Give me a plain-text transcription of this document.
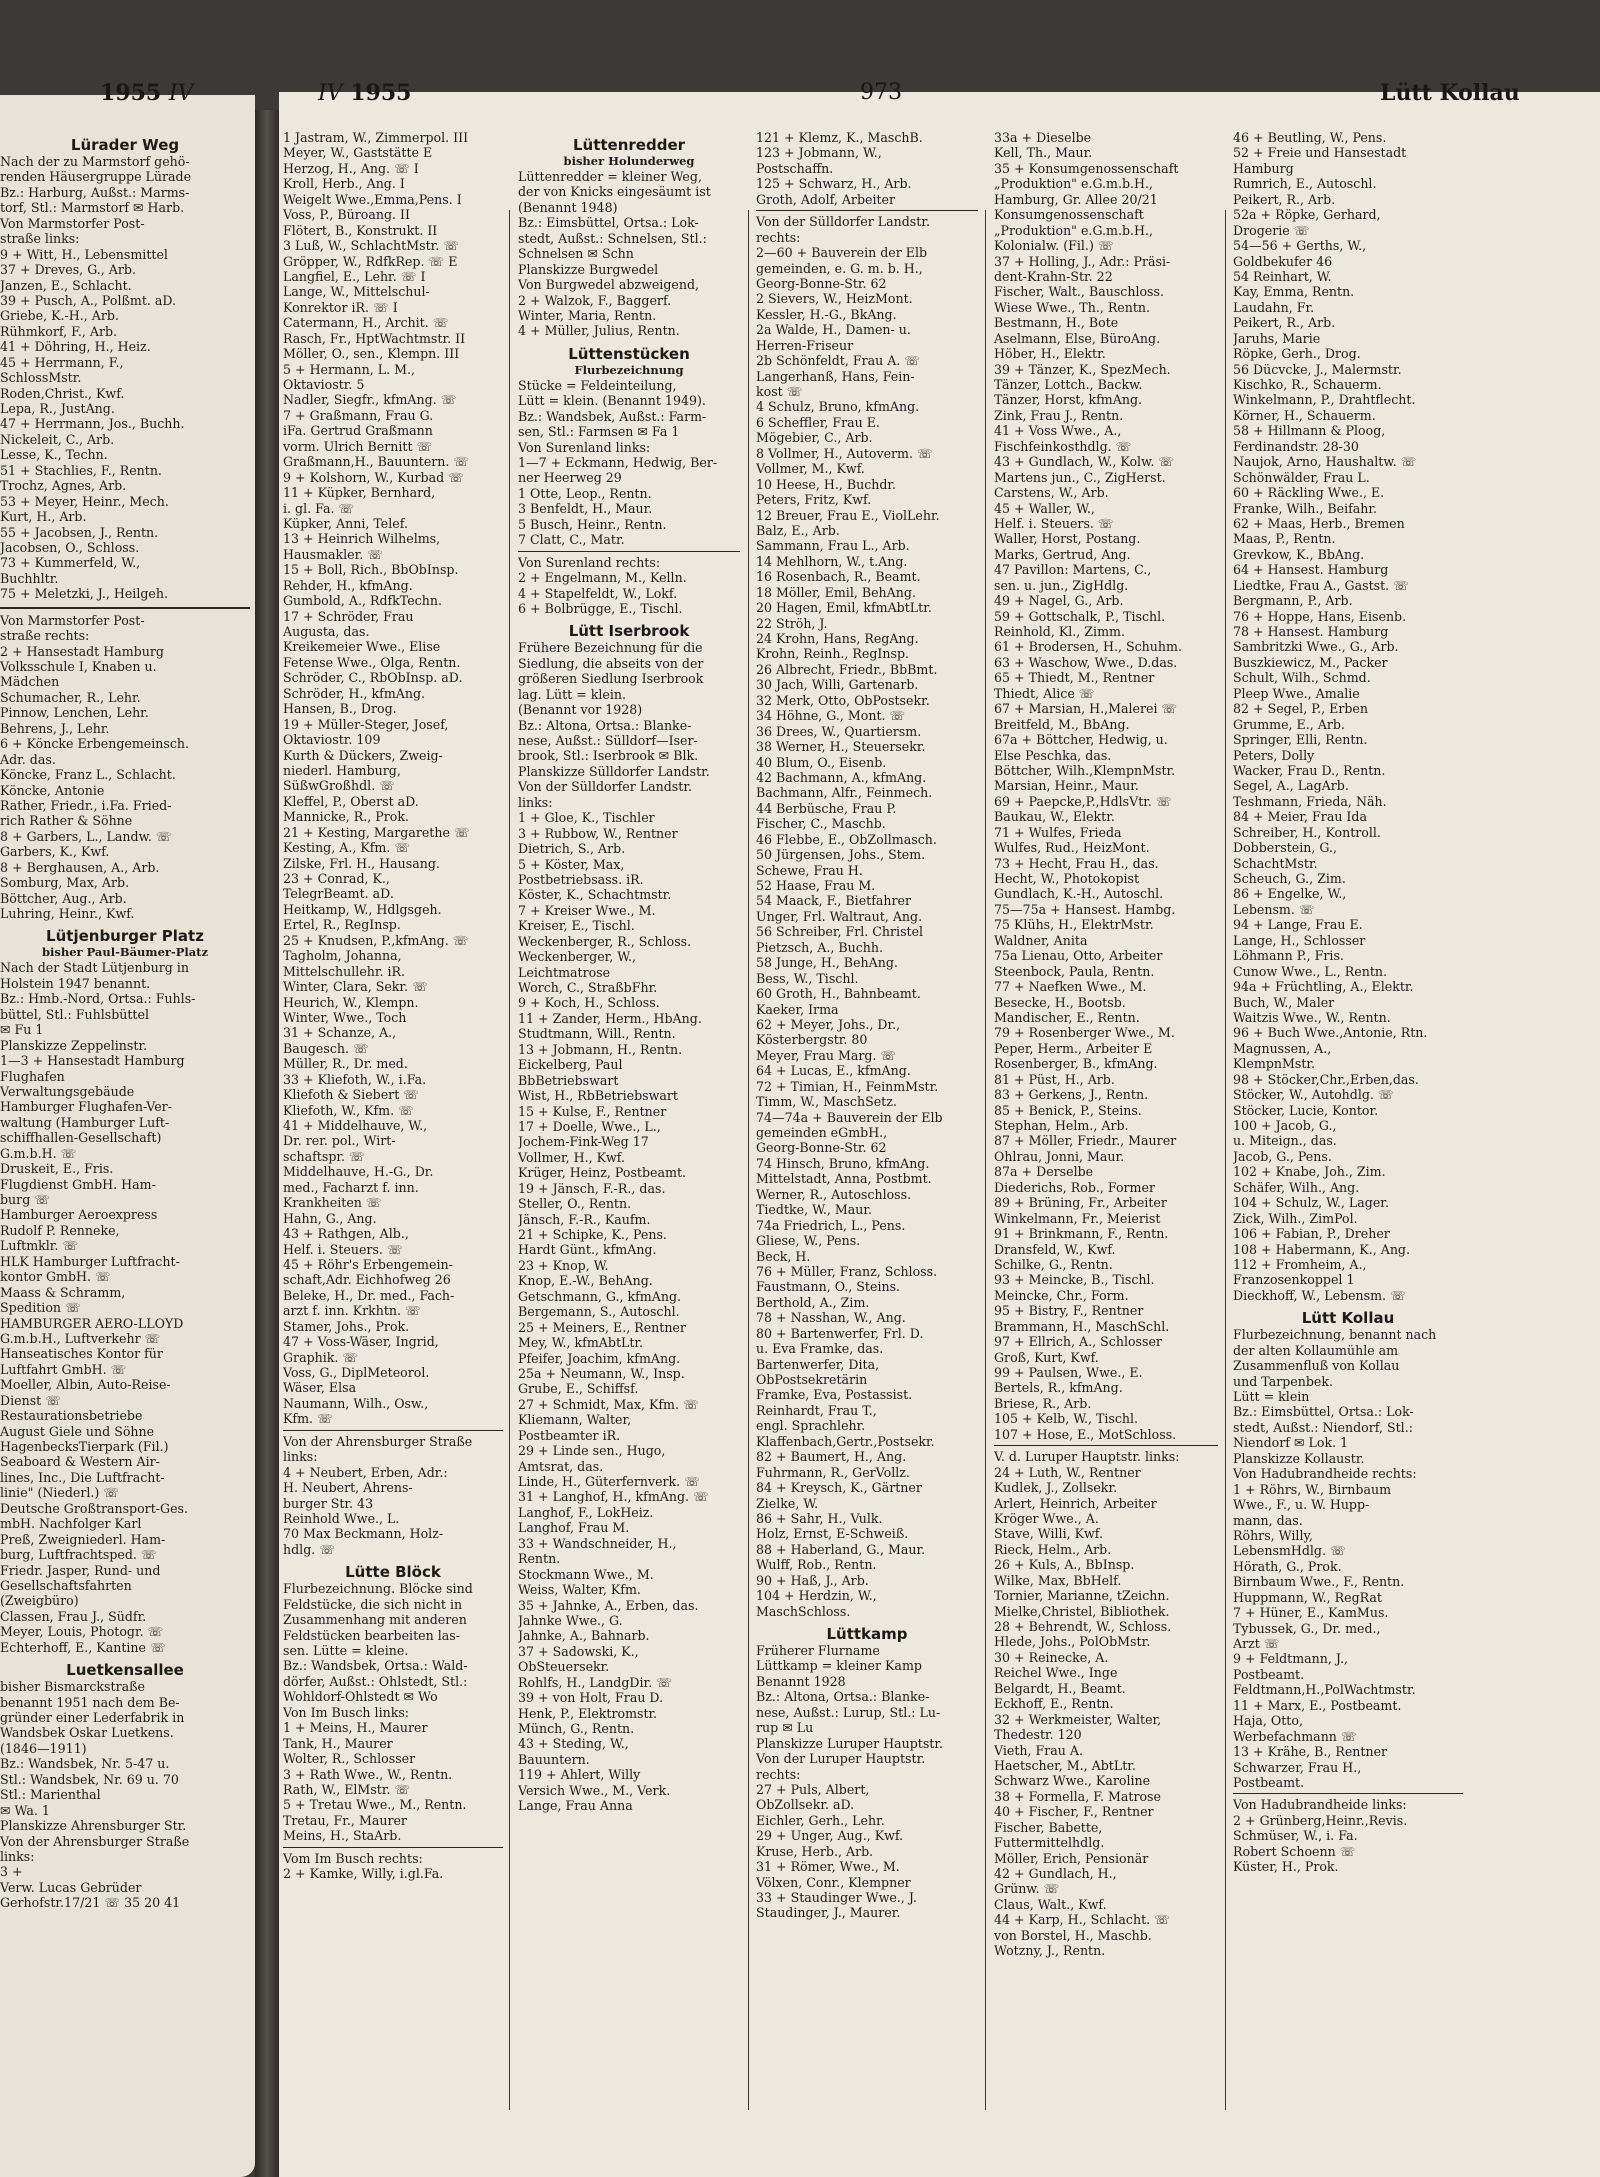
1955 IV	IV 1955	973	Lütt Kollau
Lürader Weg
Nach der zu Marmstorf gehö-
renden Häusergruppe Lürade
Bz.: Harburg, Außst.: Marms-
torf, Stl.: Marmstorf ✉ Harb.
Von Marmstorfer Post-
straße links:
9 + Witt, H., Lebensmittel
37 + Dreves, G., Arb.
Janzen, E., Schlacht.
39 + Pusch, A., Polßmt. aD.
Griebe, K.-H., Arb.
Rühmkorf, F., Arb.
41 + Döhring, H., Heiz.
45 + Herrmann, F.,
SchlossMstr.
Roden,Christ., Kwf.
Lepa, R., JustAng.
47 + Herrmann, Jos., Buchh.
Nickeleit, C., Arb.
Lesse, K., Techn.
51 + Stachlies, F., Rentn.
Trochz, Agnes, Arb.
53 + Meyer, Heinr., Mech.
Kurt, H., Arb.
55 + Jacobsen, J., Rentn.
Jacobsen, O., Schloss.
73 + Kummerfeld, W.,
Buchhltr.
75 + Meletzki, J., Heilgeh.
Von Marmstorfer Post-
straße rechts:
2 + Hansestadt Hamburg
Volksschule I, Knaben u.
Mädchen
Schumacher, R., Lehr.
Pinnow, Lenchen, Lehr.
Behrens, J., Lehr.
6 + Köncke Erbengemeinsch.
Adr. das.
Köncke, Franz L., Schlacht.
Köncke, Antonie
Rather, Friedr., i.Fa. Fried-
rich Rather & Söhne
8 + Garbers, L., Landw. ☏
Garbers, K., Kwf.
8 + Berghausen, A., Arb.
Somburg, Max, Arb.
Böttcher, Aug., Arb.
Luhring, Heinr., Kwf.
Lütjenburger Platz
bisher Paul-Bäumer-Platz
Nach der Stadt Lütjenburg in
Holstein 1947 benannt.
Bz.: Hmb.-Nord, Ortsa.: Fuhls-
büttel, Stl.: Fuhlsbüttel
✉ Fu 1
Planskizze Zeppelinstr.
1—3 + Hansestadt Hamburg
Flughafen
Verwaltungsgebäude
Hamburger Flughafen-Ver-
waltung (Hamburger Luft-
schiffhallen-Gesellschaft)
G.m.b.H. ☏
Druskeit, E., Fris.
Flugdienst GmbH. Ham-
burg ☏
Hamburger Aeroexpress
Rudolf P. Renneke,
Luftmklr. ☏
HLK Hamburger Luftfracht-
kontor GmbH. ☏
Maass & Schramm,
Spedition ☏
HAMBURGER AERO-LLOYD
G.m.b.H., Luftverkehr ☏
Hanseatisches Kontor für
Luftfahrt GmbH. ☏
Moeller, Albin, Auto-Reise-
Dienst ☏
Restaurationsbetriebe
August Giele und Söhne
HagenbecksTierpark (Fil.)
Seaboard & Western Air-
lines, Inc., Die Luftfracht-
linie" (Niederl.) ☏
Deutsche Großtransport-Ges.
mbH. Nachfolger Karl
Preß, Zweigniederl. Ham-
burg, Luftfrachtsped. ☏
Friedr. Jasper, Rund- und
Gesellschaftsfahrten
(Zweigbüro)
Classen, Frau J., Südfr.
Meyer, Louis, Photogr. ☏
Echterhoff, E., Kantine ☏
Luetkensallee
bisher Bismarckstraße
benannt 1951 nach dem Be-
gründer einer Lederfabrik in
Wandsbek Oskar Luetkens.
(1846—1911)
Bz.: Wandsbek, Nr. 5-47 u.
Stl.: Wandsbek, Nr. 69 u. 70
Stl.: Marienthal
✉ Wa. 1
Planskizze Ahrensburger Str.
Von der Ahrensburger Straße
links:
3 +
Verw. Lucas Gebrüder
Gerhofstr.17/21 ☏ 35 20 41
1 Jastram, W., Zimmerpol. III
Meyer, W., Gaststätte E
Herzog, H., Ang. ☏ I
Kroll, Herb., Ang. I
Weigelt Wwe.,Emma,Pens. I
Voss, P., Büroang. II
Flötert, B., Konstrukt. II
3 Luß, W., SchlachtMstr. ☏
Gröpper, W., RdfkRep. ☏ E
Langfiel, E., Lehr. ☏ I
Lange, W., Mittelschul-
Konrektor iR. ☏ I
Catermann, H., Archit. ☏
Rasch, Fr., HptWachtmstr. II
Möller, O., sen., Klempn. III
5 + Hermann, L. M.,
Oktaviostr. 5
Nadler, Siegfr., kfmAng. ☏
7 + Graßmann, Frau G.
iFa. Gertrud Graßmann
vorm. Ulrich Bernitt ☏
Graßmann,H., Bauuntern. ☏
9 + Kolshorn, W., Kurbad ☏
11 + Küpker, Bernhard,
i. gl. Fa. ☏
Küpker, Anni, Telef.
13 + Heinrich Wilhelms,
Hausmakler. ☏
15 + Boll, Rich., BbObInsp.
Rehder, H., kfmAng.
Gumbold, A., RdfkTechn.
17 + Schröder, Frau
Augusta, das.
Kreikemeier Wwe., Elise
Fetense Wwe., Olga, Rentn.
Schröder, C., RbObInsp. aD.
Schröder, H., kfmAng.
Hansen, B., Drog.
19 + Müller-Steger, Josef,
Oktaviostr. 109
Kurth & Dückers, Zweig-
niederl. Hamburg,
SüßwGroßhdl. ☏
Kleffel, P., Oberst aD.
Mannicke, R., Prok.
21 + Kesting, Margarethe ☏
Kesting, A., Kfm. ☏
Zilske, Frl. H., Hausang.
23 + Conrad, K.,
TelegrBeamt. aD.
Heitkamp, W., Hdlgsgeh.
Ertel, R., RegInsp.
25 + Knudsen, P.,kfmAng. ☏
Tagholm, Johanna,
Mittelschullehr. iR.
Winter, Clara, Sekr. ☏
Heurich, W., Klempn.
Winter, Wwe., Toch
31 + Schanze, A.,
Baugesch. ☏
Müller, R., Dr. med.
33 + Kliefoth, W., i.Fa.
Kliefoth & Siebert ☏
Kliefoth, W., Kfm. ☏
41 + Middelhauve, W.,
Dr. rer. pol., Wirt-
schaftspr. ☏
Middelhauve, H.-G., Dr.
med., Facharzt f. inn.
Krankheiten ☏
Hahn, G., Ang.
43 + Rathgen, Alb.,
Helf. i. Steuers. ☏
45 + Röhr's Erbengemein-
schaft,Adr. Eichhofweg 26
Beleke, H., Dr. med., Fach-
arzt f. inn. Krkhtn. ☏
Stamer, Johs., Prok.
47 + Voss-Wäser, Ingrid,
Graphik. ☏
Voss, G., DiplMeteorol.
Wäser, Elsa
Naumann, Wilh., Osw.,
Kfm. ☏
Von der Ahrensburger Straße
links:
4 + Neubert, Erben, Adr.:
H. Neubert, Ahrens-
burger Str. 43
Reinhold Wwe., L.
70 Max Beckmann, Holz-
hdlg. ☏
Lütte Blöck
Flurbezeichnung. Blöcke sind
Feldstücke, die sich nicht in
Zusammenhang mit anderen
Feldstücken bearbeiten las-
sen. Lütte = kleine.
Bz.: Wandsbek, Ortsa.: Wald-
dörfer, Außst.: Ohlstedt, Stl.:
Wohldorf-Ohlstedt ✉ Wo
Von Im Busch links:
1 + Meins, H., Maurer
Tank, H., Maurer
Wolter, R., Schlosser
3 + Rath Wwe., W., Rentn.
Rath, W., ElMstr. ☏
5 + Tretau Wwe., M., Rentn.
Tretau, Fr., Maurer
Meins, H., StaArb.
Vom Im Busch rechts:
2 + Kamke, Willy, i.gl.Fa.
Lüttenredder
bisher Holunderweg
Lüttenredder = kleiner Weg,
der von Knicks eingesäumt ist
(Benannt 1948)
Bz.: Eimsbüttel, Ortsa.: Lok-
stedt, Außst.: Schnelsen, Stl.:
Schnelsen ✉ Schn
Planskizze Burgwedel
Von Burgwedel abzweigend,
2 + Walzok, F., Baggerf.
Winter, Maria, Rentn.
4 + Müller, Julius, Rentn.
Lüttenstücken
Flurbezeichnung
Stücke = Feldeinteilung,
Lütt = klein. (Benannt 1949).
Bz.: Wandsbek, Außst.: Farm-
sen, Stl.: Farmsen ✉ Fa 1
Von Surenland links:
1—7 + Eckmann, Hedwig, Ber-
ner Heerweg 29
1 Otte, Leop., Rentn.
3 Benfeldt, H., Maur.
5 Busch, Heinr., Rentn.
7 Clatt, C., Matr.
Von Surenland rechts:
2 + Engelmann, M., Kelln.
4 + Stapelfeldt, W., Lokf.
6 + Bolbrügge, E., Tischl.
Lütt Iserbrook
Frühere Bezeichnung für die
Siedlung, die abseits von der
größeren Siedlung Iserbrook
lag. Lütt = klein.
(Benannt vor 1928)
Bz.: Altona, Ortsa.: Blanke-
nese, Außst.: Sülldorf—Iser-
brook, Stl.: Iserbrook ✉ Blk.
Planskizze Sülldorfer Landstr.
Von der Sülldorfer Landstr.
links:
1 + Gloe, K., Tischler
3 + Rubbow, W., Rentner
Dietrich, S., Arb.
5 + Köster, Max,
Postbetriebsass. iR.
Köster, K., Schachtmstr.
7 + Kreiser Wwe., M.
Kreiser, E., Tischl.
Weckenberger, R., Schloss.
Weckenberger, W.,
Leichtmatrose
Worch, C., StraßbFhr.
9 + Koch, H., Schloss.
11 + Zander, Herm., HbAng.
Studtmann, Will., Rentn.
13 + Jobmann, H., Rentn.
Eickelberg, Paul
BbBetriebswart
Wist, H., RbBetriebswart
15 + Kulse, F., Rentner
17 + Doelle, Wwe., L.,
Jochem-Fink-Weg 17
Vollmer, H., Kwf.
Krüger, Heinz, Postbeamt.
19 + Jänsch, F.-R., das.
Steller, O., Rentn.
Jänsch, F.-R., Kaufm.
21 + Schipke, K., Pens.
Hardt Günt., kfmAng.
23 + Knop, W.
Knop, E.-W., BehAng.
Getschmann, G., kfmAng.
Bergemann, S., Autoschl.
25 + Meiners, E., Rentner
Mey, W., kfmAbtLtr.
Pfeifer, Joachim, kfmAng.
25a + Neumann, W., Insp.
Grube, E., Schiffsf.
27 + Schmidt, Max, Kfm. ☏
Kliemann, Walter,
Postbeamter iR.
29 + Linde sen., Hugo,
Amtsrat, das.
Linde, H., Güterfernverk. ☏
31 + Langhof, H., kfmAng. ☏
Langhof, F., LokHeiz.
Langhof, Frau M.
33 + Wandschneider, H.,
Rentn.
Stockmann Wwe., M.
Weiss, Walter, Kfm.
35 + Jahnke, A., Erben, das.
Jahnke Wwe., G.
Jahnke, A., Bahnarb.
37 + Sadowski, K.,
ObSteuersekr.
Rohlfs, H., LandgDir. ☏
39 + von Holt, Frau D.
Henk, P., Elektromstr.
Münch, G., Rentn.
43 + Steding, W.,
Bauuntern.
119 + Ahlert, Willy
Versich Wwe., M., Verk.
Lange, Frau Anna
121 + Klemz, K., MaschB.
123 + Jobmann, W.,
Postschaffn.
125 + Schwarz, H., Arb.
Groth, Adolf, Arbeiter
Von der Sülldorfer Landstr.
rechts:
2—60 + Bauverein der Elb
gemeinden, e. G. m. b. H.,
Georg-Bonne-Str. 62
2 Sievers, W., HeizMont.
Kessler, H.-G., BkAng.
2a Walde, H., Damen- u.
Herren-Friseur
2b Schönfeldt, Frau A. ☏
Langerhanß, Hans, Fein-
kost ☏
4 Schulz, Bruno, kfmAng.
6 Scheffler, Frau E.
Mögebier, C., Arb.
8 Vollmer, H., Autoverm. ☏
Vollmer, M., Kwf.
10 Heese, H., Buchdr.
Peters, Fritz, Kwf.
12 Breuer, Frau E., ViolLehr.
Balz, E., Arb.
Sammann, Frau L., Arb.
14 Mehlhorn, W., t.Ang.
16 Rosenbach, R., Beamt.
18 Möller, Emil, BehAng.
20 Hagen, Emil, kfmAbtLtr.
22 Ströh, J.
24 Krohn, Hans, RegAng.
Krohn, Reinh., RegInsp.
26 Albrecht, Friedr., BbBmt.
30 Jach, Willi, Gartenarb.
32 Merk, Otto, ObPostsekr.
34 Höhne, G., Mont. ☏
36 Drees, W., Quartiersm.
38 Werner, H., Steuersekr.
40 Blum, O., Eisenb.
42 Bachmann, A., kfmAng.
Bachmann, Alfr., Feinmech.
44 Berbüsche, Frau P.
Fischer, C., Maschb.
46 Flebbe, E., ObZollmasch.
50 Jürgensen, Johs., Stem.
Schewe, Frau H.
52 Haase, Frau M.
54 Maack, F., Bietfahrer
Unger, Frl. Waltraut, Ang.
56 Schreiber, Frl. Christel
Pietzsch, A., Buchh.
58 Junge, H., BehAng.
Bess, W., Tischl.
60 Groth, H., Bahnbeamt.
Kaeker, Irma
62 + Meyer, Johs., Dr.,
Kösterbergstr. 80
Meyer, Frau Marg. ☏
64 + Lucas, E., kfmAng.
72 + Timian, H., FeinmMstr.
Timm, W., MaschSetz.
74—74a + Bauverein der Elb
gemeinden eGmbH.,
Georg-Bonne-Str. 62
74 Hinsch, Bruno, kfmAng.
Mittelstadt, Anna, Postbmt.
Werner, R., Autoschloss.
Tiedtke, W., Maur.
74a Friedrich, L., Pens.
Gliese, W., Pens.
Beck, H.
76 + Müller, Franz, Schloss.
Faustmann, O., Steins.
Berthold, A., Zim.
78 + Nasshan, W., Ang.
80 + Bartenwerfer, Frl. D.
u. Eva Framke, das.
Bartenwerfer, Dita,
ObPostsekretärin
Framke, Eva, Postassist.
Reinhardt, Frau T.,
engl. Sprachlehr.
Klaffenbach,Gertr.,Postsekr.
82 + Baumert, H., Ang.
Fuhrmann, R., GerVollz.
84 + Kreysch, K., Gärtner
Zielke, W.
86 + Sahr, H., Vulk.
Holz, Ernst, E-Schweiß.
88 + Haberland, G., Maur.
Wulff, Rob., Rentn.
90 + Haß, J., Arb.
104 + Herdzin, W.,
MaschSchloss.
Lüttkamp
Früherer Flurname
Lüttkamp = kleiner Kamp
Benannt 1928
Bz.: Altona, Ortsa.: Blanke-
nese, Außst.: Lurup, Stl.: Lu-
rup ✉ Lu
Planskizze Luruper Hauptstr.
Von der Luruper Hauptstr.
rechts:
27 + Puls, Albert,
ObZollsekr. aD.
Eichler, Gerh., Lehr.
29 + Unger, Aug., Kwf.
Kruse, Herb., Arb.
31 + Römer, Wwe., M.
Völxen, Conr., Klempner
33 + Staudinger Wwe., J.
Staudinger, J., Maurer.
33a + Dieselbe
Kell, Th., Maur.
35 + Konsumgenossenschaft
„Produktion" e.G.m.b.H.,
Hamburg, Gr. Allee 20/21
Konsumgenossenschaft
„Produktion" e.G.m.b.H.,
Kolonialw. (Fil.) ☏
37 + Holling, J., Adr.: Präsi-
dent-Krahn-Str. 22
Fischer, Walt., Bauschloss.
Wiese Wwe., Th., Rentn.
Bestmann, H., Bote
Aselmann, Else, BüroAng.
Höber, H., Elektr.
39 + Tänzer, K., SpezMech.
Tänzer, Lottch., Backw.
Tänzer, Horst, kfmAng.
Zink, Frau J., Rentn.
41 + Voss Wwe., A.,
Fischfeinkosthdlg. ☏
43 + Gundlach, W., Kolw. ☏
Martens jun., C., ZigHerst.
Carstens, W., Arb.
45 + Waller, W.,
Helf. i. Steuers. ☏
Waller, Horst, Postang.
Marks, Gertrud, Ang.
47 Pavillon: Martens, C.,
sen. u. jun., ZigHdlg.
49 + Nagel, G., Arb.
59 + Gottschalk, P., Tischl.
Reinhold, Kl., Zimm.
61 + Brodersen, H., Schuhm.
63 + Waschow, Wwe., D.das.
65 + Thiedt, M., Rentner
Thiedt, Alice ☏
67 + Marsian, H.,Malerei ☏
Breitfeld, M., BbAng.
67a + Böttcher, Hedwig, u.
Else Peschka, das.
Böttcher, Wilh.,KlempnMstr.
Marsian, Heinr., Maur.
69 + Paepcke,P.,HdlsVtr. ☏
Baukau, W., Elektr.
71 + Wulfes, Frieda
Wulfes, Rud., HeizMont.
73 + Hecht, Frau H., das.
Hecht, W., Photokopist
Gundlach, K.-H., Autoschl.
75—75a + Hansest. Hambg.
75 Klühs, H., ElektrMstr.
Waldner, Anita
75a Lienau, Otto, Arbeiter
Steenbock, Paula, Rentn.
77 + Naefken Wwe., M.
Besecke, H., Bootsb.
Mandischer, E., Rentn.
79 + Rosenberger Wwe., M.
Peper, Herm., Arbeiter E
Rosenberger, B., kfmAng.
81 + Püst, H., Arb.
83 + Gerkens, J., Rentn.
85 + Benick, P., Steins.
Stephan, Helm., Arb.
87 + Möller, Friedr., Maurer
Ohlrau, Jonni, Maur.
87a + Derselbe
Diederichs, Rob., Former
89 + Brüning, Fr., Arbeiter
Winkelmann, Fr., Meierist
91 + Brinkmann, F., Rentn.
Dransfeld, W., Kwf.
Schilke, G., Rentn.
93 + Meincke, B., Tischl.
Meincke, Chr., Form.
95 + Bistry, F., Rentner
Brammann, H., MaschSchl.
97 + Ellrich, A., Schlosser
Groß, Kurt, Kwf.
99 + Paulsen, Wwe., E.
Bertels, R., kfmAng.
Briese, R., Arb.
105 + Kelb, W., Tischl.
107 + Hose, E., MotSchloss.
V. d. Luruper Hauptstr. links:
24 + Luth, W., Rentner
Kudlek, J., Zollsekr.
Arlert, Heinrich, Arbeiter
Kröger Wwe., A.
Stave, Willi, Kwf.
Rieck, Helm., Arb.
26 + Kuls, A., BbInsp.
Wilke, Max, BbHelf.
Tornier, Marianne, tZeichn.
Mielke,Christel, Bibliothek.
28 + Behrendt, W., Schloss.
Hlede, Johs., PolObMstr.
30 + Reinecke, A.
Reichel Wwe., Inge
Belgardt, H., Beamt.
Eckhoff, E., Rentn.
32 + Werkmeister, Walter,
Thedestr. 120
Vieth, Frau A.
Haetscher, M., AbtLtr.
Schwarz Wwe., Karoline
38 + Formella, F. Matrose
40 + Fischer, F., Rentner
Fischer, Babette,
Futtermittelhdlg.
Möller, Erich, Pensionär
42 + Gundlach, H.,
Grünw. ☏
Claus, Walt., Kwf.
44 + Karp, H., Schlacht. ☏
von Borstel, H., Maschb.
Wotzny, J., Rentn.
46 + Beutling, W., Pens.
52 + Freie und Hansestadt
Hamburg
Rumrich, E., Autoschl.
Peikert, R., Arb.
52a + Röpke, Gerhard,
Drogerie ☏
54—56 + Gerths, W.,
Goldbekufer 46
54 Reinhart, W.
Kay, Emma, Rentn.
Laudahn, Fr.
Peikert, R., Arb.
Jaruhs, Marie
Röpke, Gerh., Drog.
56 Dücvcke, J., Malermstr.
Kischko, R., Schauerm.
Winkelmann, P., Drahtflecht.
Körner, H., Schauerm.
58 + Hillmann & Ploog,
Ferdinandstr. 28-30
Naujok, Arno, Haushaltw. ☏
Schönwälder, Frau L.
60 + Räckling Wwe., E.
Franke, Wilh., Beifahr.
62 + Maas, Herb., Bremen
Maas, P., Rentn.
Grevkow, K., BbAng.
64 + Hansest. Hamburg
Liedtke, Frau A., Gastst. ☏
Bergmann, P., Arb.
76 + Hoppe, Hans, Eisenb.
78 + Hansest. Hamburg
Sambritzki Wwe., G., Arb.
Buszkiewicz, M., Packer
Schult, Wilh., Schmd.
Pleep Wwe., Amalie
82 + Segel, P., Erben
Grumme, E., Arb.
Springer, Elli, Rentn.
Peters, Dolly
Wacker, Frau D., Rentn.
Segel, A., LagArb.
Teshmann, Frieda, Näh.
84 + Meier, Frau Ida
Schreiber, H., Kontroll.
Dobberstein, G.,
SchachtMstr.
Scheuch, G., Zim.
86 + Engelke, W.,
Lebensm. ☏
94 + Lange, Frau E.
Lange, H., Schlosser
Löhmann P., Fris.
Cunow Wwe., L., Rentn.
94a + Früchtling, A., Elektr.
Buch, W., Maler
Waitzis Wwe., W., Rentn.
96 + Buch Wwe.,Antonie, Rtn.
Magnussen, A.,
KlempnMstr.
98 + Stöcker,Chr.,Erben,das.
Stöcker, W., Autohdlg. ☏
Stöcker, Lucie, Kontor.
100 + Jacob, G.,
u. Miteign., das.
Jacob, G., Pens.
102 + Knabe, Joh., Zim.
Schäfer, Wilh., Ang.
104 + Schulz, W., Lager.
Zick, Wilh., ZimPol.
106 + Fabian, P., Dreher
108 + Habermann, K., Ang.
112 + Fromheim, A.,
Franzosenkoppel 1
Dieckhoff, W., Lebensm. ☏
Lütt Kollau
Flurbezeichnung, benannt nach
der alten Kollaumühle am
Zusammenfluß von Kollau
und Tarpenbek.
Lütt = klein
Bz.: Eimsbüttel, Ortsa.: Lok-
stedt, Außst.: Niendorf, Stl.:
Niendorf ✉ Lok. 1
Planskizze Kollaustr.
Von Hadubrandheide rechts:
1 + Röhrs, W., Birnbaum
Wwe., F., u. W. Hupp-
mann, das.
Röhrs, Willy,
LebensmHdlg. ☏
Hörath, G., Prok.
Birnbaum Wwe., F., Rentn.
Huppmann, W., RegRat
7 + Hüner, E., KamMus.
Tybussek, G., Dr. med.,
Arzt ☏
9 + Feldtmann, J.,
Postbeamt.
Feldtmann,H.,PolWachtmstr.
11 + Marx, E., Postbeamt.
Haja, Otto,
Werbefachmann ☏
13 + Krähe, B., Rentner
Schwarzer, Frau H.,
Postbeamt.
Von Hadubrandheide links:
2 + Grünberg,Heinr.,Revis.
Schmüser, W., i. Fa.
Robert Schoenn ☏
Küster, H., Prok.
